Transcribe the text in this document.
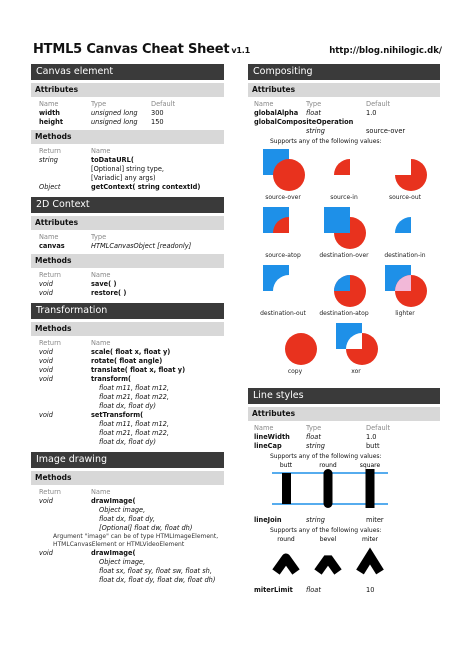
HTML5 Canvas Cheat Sheet v1.1	http://blog.nihilogic.dk/
Canvas element
Attributes
Name	Type	Default
width	unsigned long	300
height	unsigned long	150
Methods
Return	Name
string	toDataURL(
[Optional] string type,
[Variadic] any args)
Object	getContext( string contextId)
2D Context
Attributes
Name	Type
canvas	HTMLCanvasObject [readonly]
Methods
Return	Name
void	save( )
void	restore( )
Transformation
Methods
Return	Name
void	scale( float x, float y)
void	rotate( float angle)
void	translate( float x, float y)
void	transform(
float m11, float m12,
float m21, float m22,
float dx, float dy)
void	setTransform(
float m11, float m12,
float m21, float m22,
float dx, float dy)
Image drawing
Methods
Return	Name
void	drawImage(
Object image,
float dx, float dy,
[Optional] float dw, float dh)
Argument "image" can be of type HTMLImageElement,
HTMLCanvasElement or HTMLVideoElement
void	drawImage(
Object image,
float sx, float sy, float sw, float sh,
float dx, float dy, float dw, float dh)
Compositing
Attributes
Name	Type	Default
globalAlpha	float	1.0
globalCompositeOperation
string	source-over
Supports any of the following values:
source-over	source-in	source-out
source-atop	destination-over	destination-in
destination-out	destination-atop	lighter
copy	xor
Line styles
Attributes
Name	Type	Default
lineWidth	float	1.0
lineCap	string	butt
Supports any of the following values:
butt	round	square
lineJoin	string	miter
Supports any of the following values:
round	bevel	miter
miterLimit	float	10
